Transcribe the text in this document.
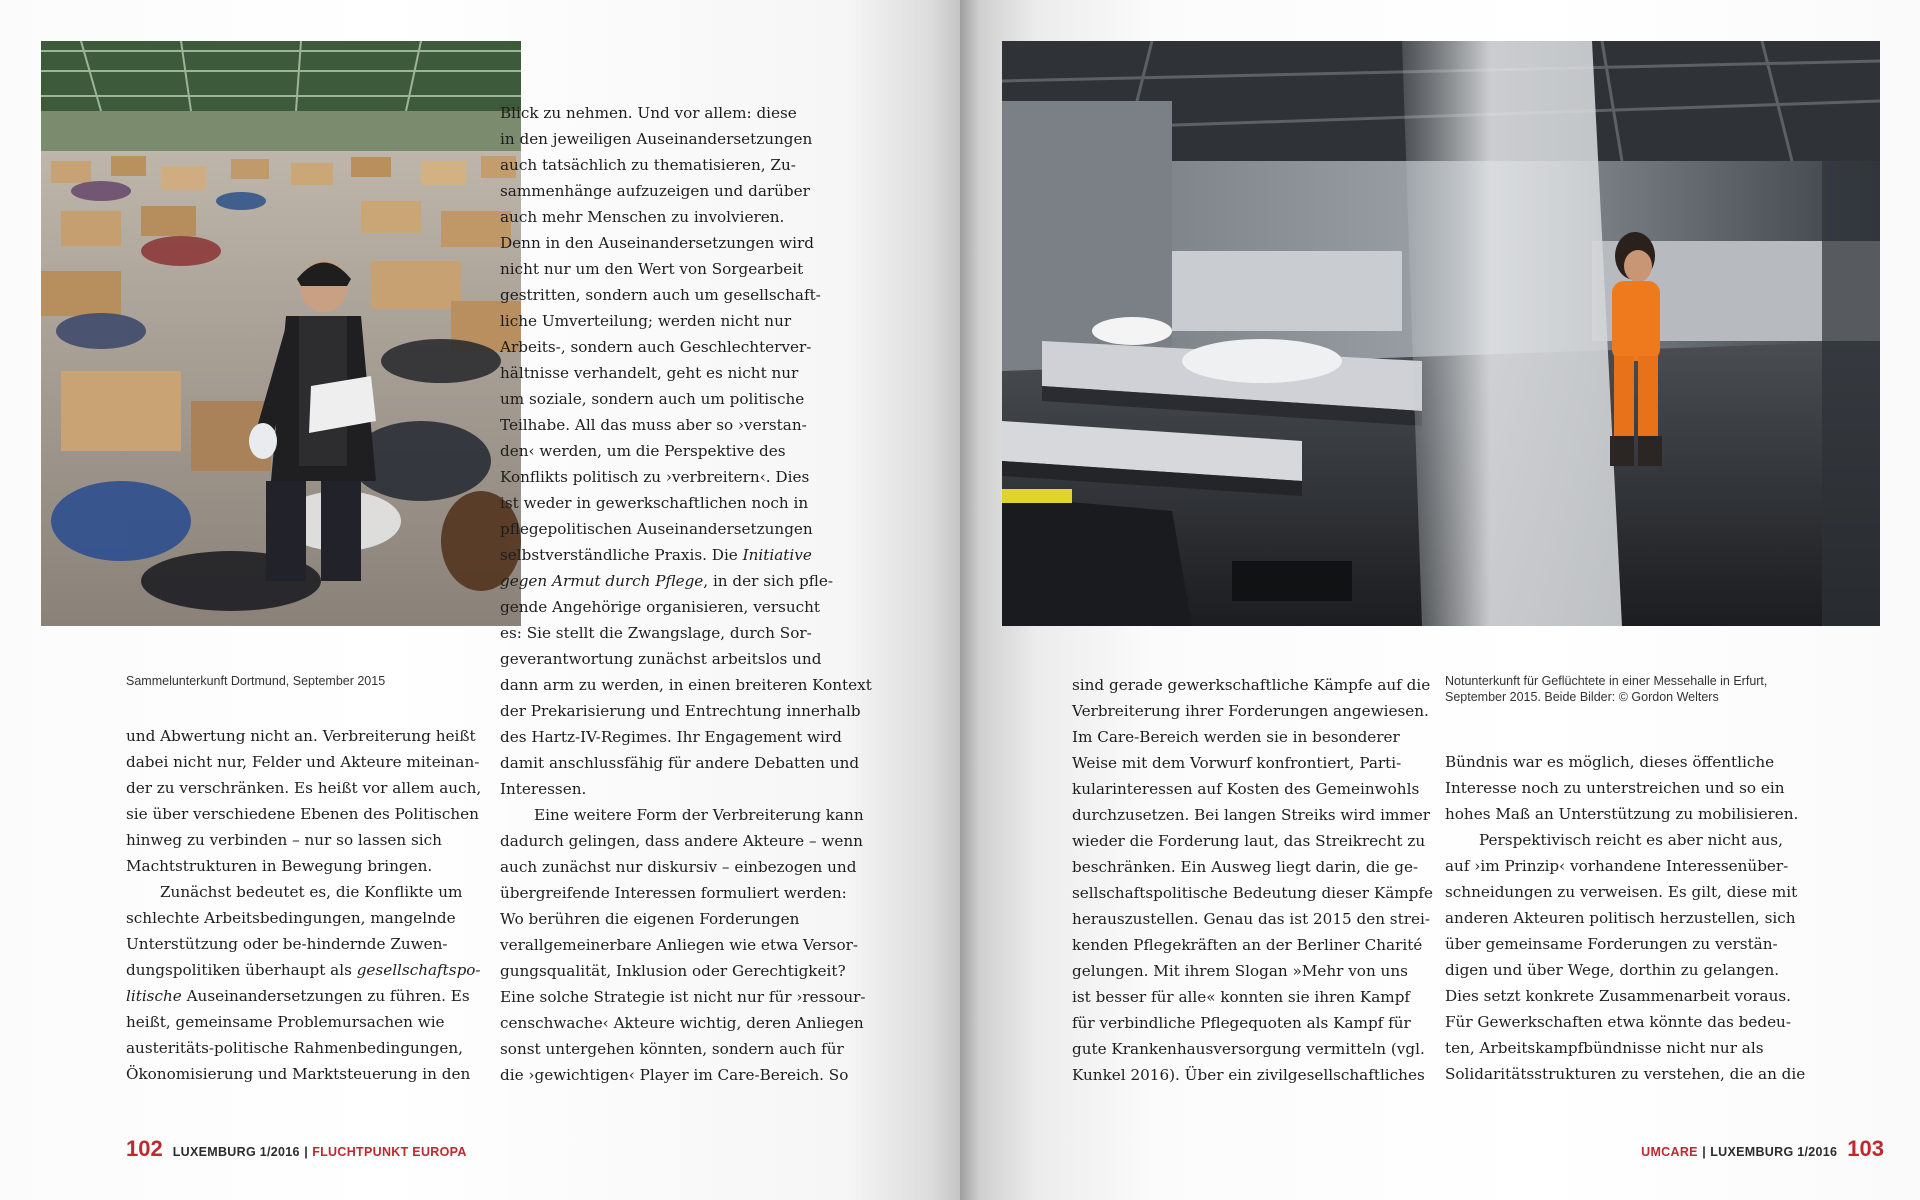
Sammelunterkunft Dortmund, September 2015

und Abwertung nicht an. Verbreiterung heißt
dabei nicht nur, Felder und Akteure miteinan-
der zu verschränken. Es heißt vor allem auch,
sie über verschiedene Ebenen des Politischen
hinweg zu verbinden – nur so lassen sich
Machtstrukturen in Bewegung bringen.
Zunächst bedeutet es, die Konflikte um
schlechte Arbeitsbedingungen, mangelnde
Unterstützung oder be-hindernde Zuwen-
dungspolitiken überhaupt als gesellschaftspo-
litische Auseinandersetzungen zu führen. Es
heißt, gemeinsame Problemursachen wie
austeritäts-politische Rahmenbedingungen,
Ökonomisierung und Marktsteuerung in den
Blick zu nehmen. Und vor allem: diese
in den jeweiligen Auseinandersetzungen
auch tatsächlich zu thematisieren, Zu-
sammenhänge aufzuzeigen und darüber
auch mehr Menschen zu involvieren.
Denn in den Auseinandersetzungen wird
nicht nur um den Wert von Sorgearbeit
gestritten, sondern auch um gesellschaft-
liche Umverteilung; werden nicht nur
Arbeits-, sondern auch Geschlechterver-
hältnisse verhandelt, geht es nicht nur
um soziale, sondern auch um politische
Teilhabe. All das muss aber so ›verstan-
den‹ werden, um die Perspektive des
Konflikts politisch zu ›verbreitern‹. Dies
ist weder in gewerkschaftlichen noch in
pflegepolitischen Auseinandersetzungen
selbstverständliche Praxis. Die Initiative
gegen Armut durch Pflege, in der sich pfle-
gende Angehörige organisieren, versucht
es: Sie stellt die Zwangslage, durch Sor-
geverantwortung zunächst arbeitslos und
dann arm zu werden, in einen breiteren Kontext
der Prekarisierung und Entrechtung innerhalb
des Hartz-IV-Regimes. Ihr Engagement wird
damit anschlussfähig für andere Debatten und
Interessen.
Eine weitere Form der Verbreiterung kann
dadurch gelingen, dass andere Akteure – wenn
auch zunächst nur diskursiv – einbezogen und
übergreifende Interessen formuliert werden:
Wo berühren die eigenen Forderungen
verallgemeinerbare Anliegen wie etwa Versor-
gungsqualität, Inklusion oder Gerechtigkeit?
Eine solche Strategie ist nicht nur für ›ressour-
censchwache‹ Akteure wichtig, deren Anliegen
sonst untergehen könnten, sondern auch für
die ›gewichtigen‹ Player im Care-Bereich. So
102 LUXEMBURG 1/2016 | FLUCHTPUNKT EUROPA
Notunterkunft für Geflüchtete in einer Messehalle in Erfurt,
September 2015. Beide Bilder: © Gordon Welters
sind gerade gewerkschaftliche Kämpfe auf die
Verbreiterung ihrer Forderungen angewiesen.
Im Care-Bereich werden sie in besonderer
Weise mit dem Vorwurf konfrontiert, Parti-
kularinteressen auf Kosten des Gemeinwohls
durchzusetzen. Bei langen Streiks wird immer
wieder die Forderung laut, das Streikrecht zu
beschränken. Ein Ausweg liegt darin, die ge-
sellschaftspolitische Bedeutung dieser Kämpfe
herauszustellen. Genau das ist 2015 den strei-
kenden Pflegekräften an der Berliner Charité
gelungen. Mit ihrem Slogan »Mehr von uns
ist besser für alle« konnten sie ihren Kampf
für verbindliche Pflegequoten als Kampf für
gute Krankenhausversorgung vermitteln (vgl.
Kunkel 2016). Über ein zivilgesellschaftliches
Bündnis war es möglich, dieses öffentliche
Interesse noch zu unterstreichen und so ein
hohes Maß an Unterstützung zu mobilisieren.
Perspektivisch reicht es aber nicht aus,
auf ›im Prinzip‹ vorhandene Interessenüber-
schneidungen zu verweisen. Es gilt, diese mit
anderen Akteuren politisch herzustellen, sich
über gemeinsame Forderungen zu verstän-
digen und über Wege, dorthin zu gelangen.
Dies setzt konkrete Zusammenarbeit voraus.
Für Gewerkschaften etwa könnte das bedeu-
ten, Arbeitskampfbündnisse nicht nur als
Solidaritätsstrukturen zu verstehen, die an die
UMCARE | LUXEMBURG 1/2016 103
